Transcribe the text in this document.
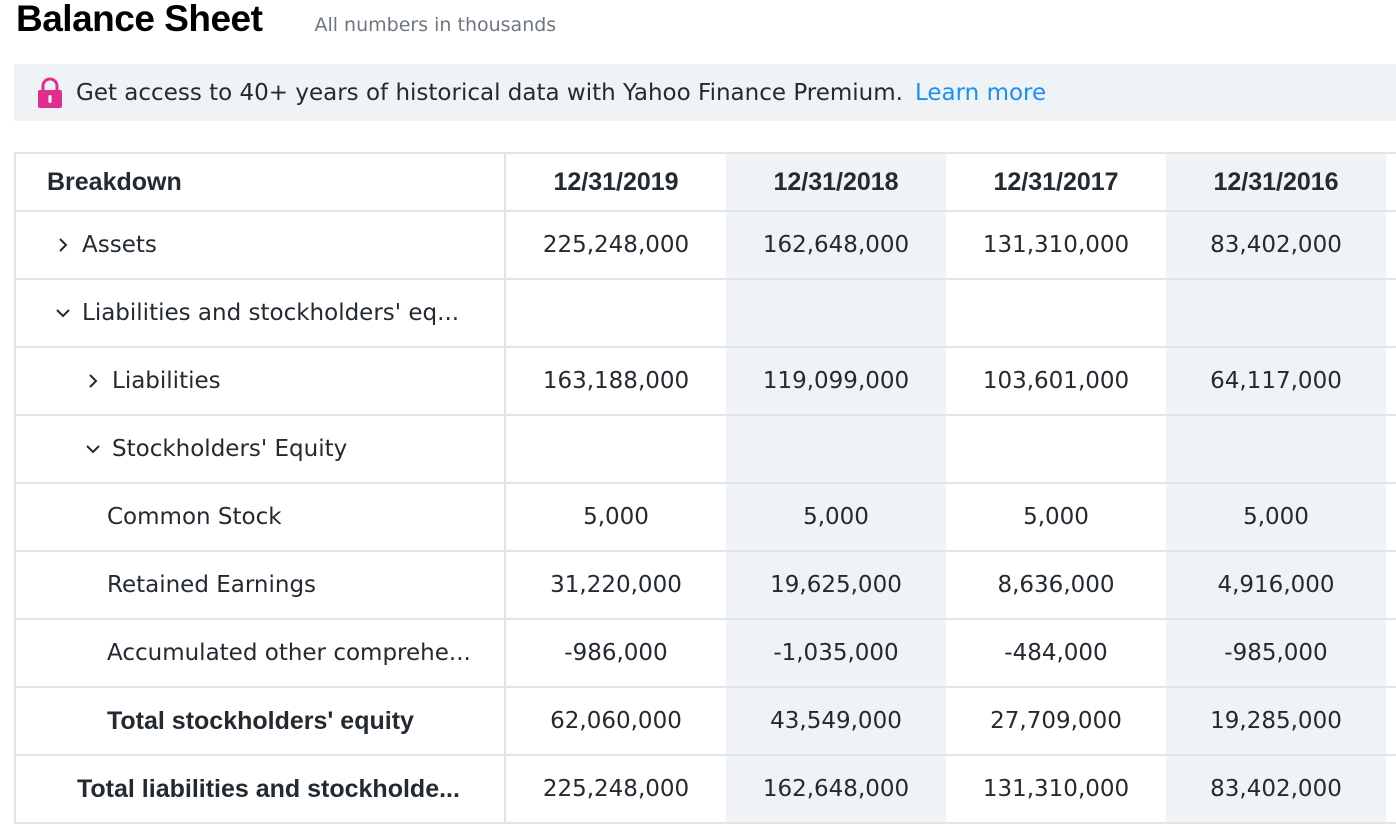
Balance Sheet	All numbers in thousands
Get access to 40+ years of historical data with Yahoo Finance Premium. Learn more
Breakdown	12/31/2019	12/31/2018	12/31/2017	12/31/2016
Assets	225,248,000	162,648,000	131,310,000	83,402,000
Liabilities and stockholders' eq...
Liabilities	163,188,000	119,099,000	103,601,000	64,117,000
Stockholders' Equity
Common Stock	5,000	5,000	5,000	5,000
Retained Earnings	31,220,000	19,625,000	8,636,000	4,916,000
Accumulated other comprehe...	-986,000	-1,035,000	-484,000	-985,000
Total stockholders' equity	62,060,000	43,549,000	27,709,000	19,285,000
Total liabilities and stockholde...	225,248,000	162,648,000	131,310,000	83,402,000
